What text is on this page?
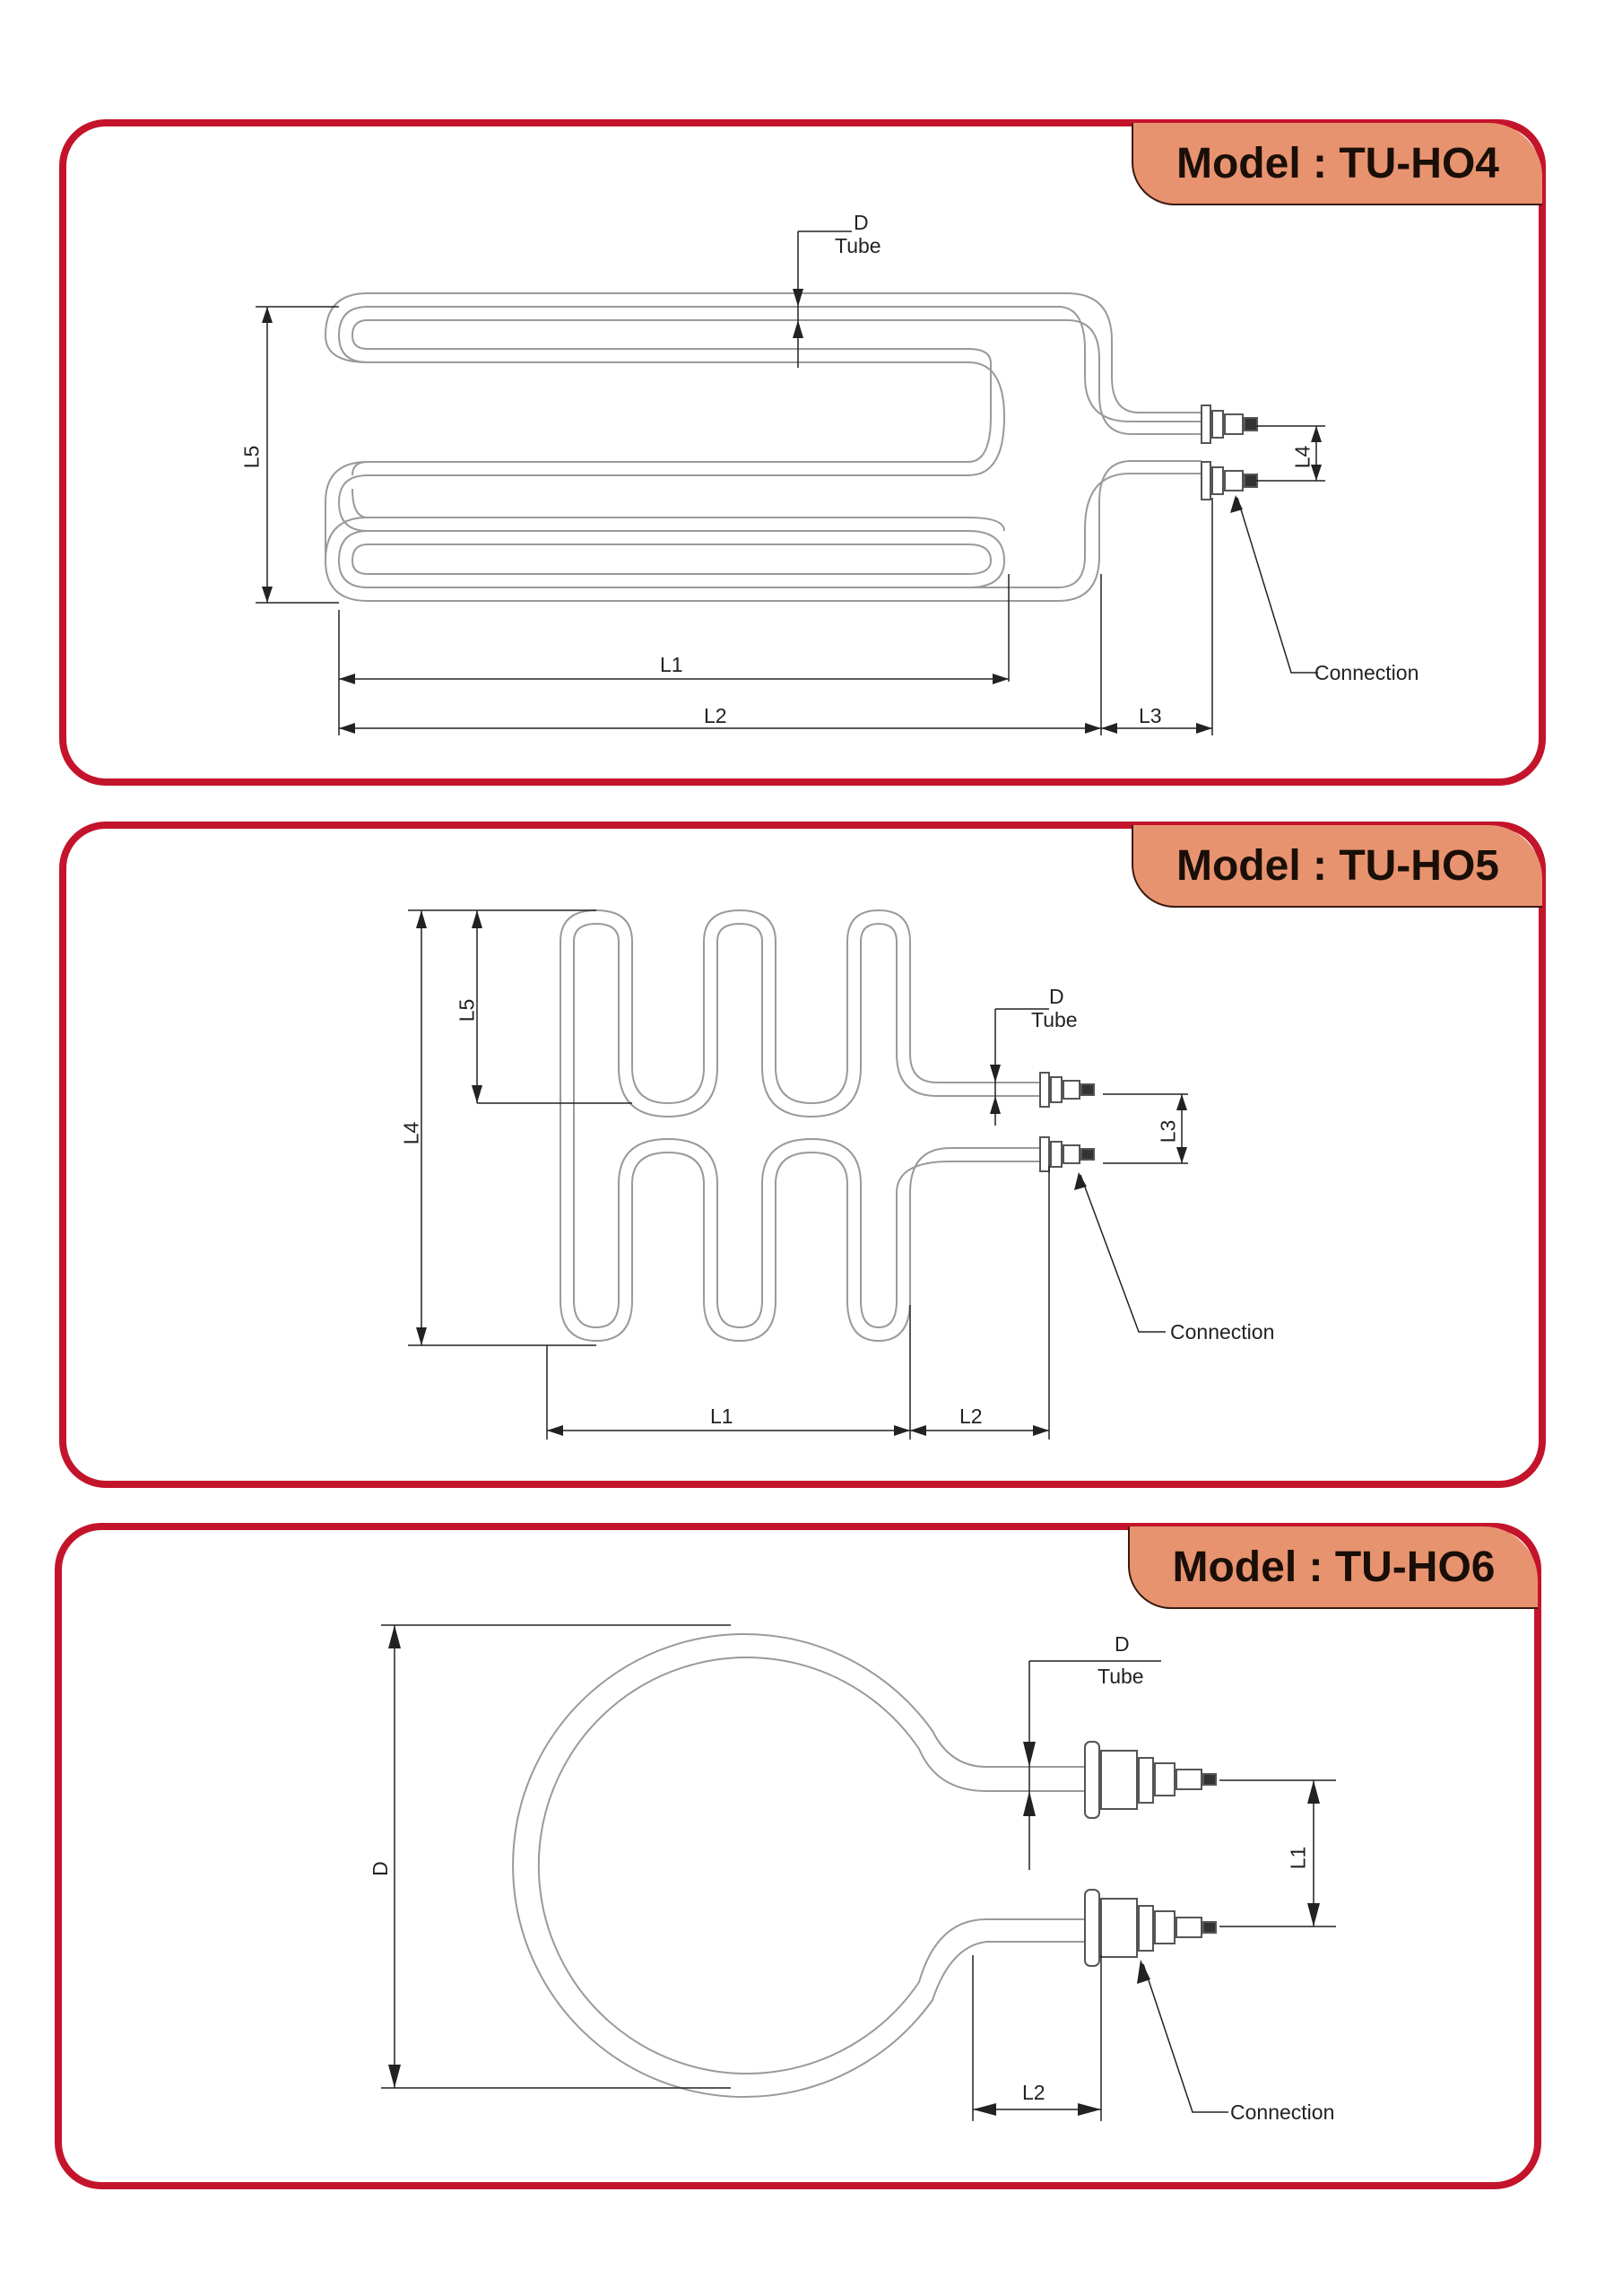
Model : TU-HO4
D
Tube
L5
L1
L2	L3
L4
Connection
Model : TU-HO5
L4
L5
D
Tube
L3
L1	L2
Connection
Model : TU-HO6
D
Tube
D	L1
L2
Connection
